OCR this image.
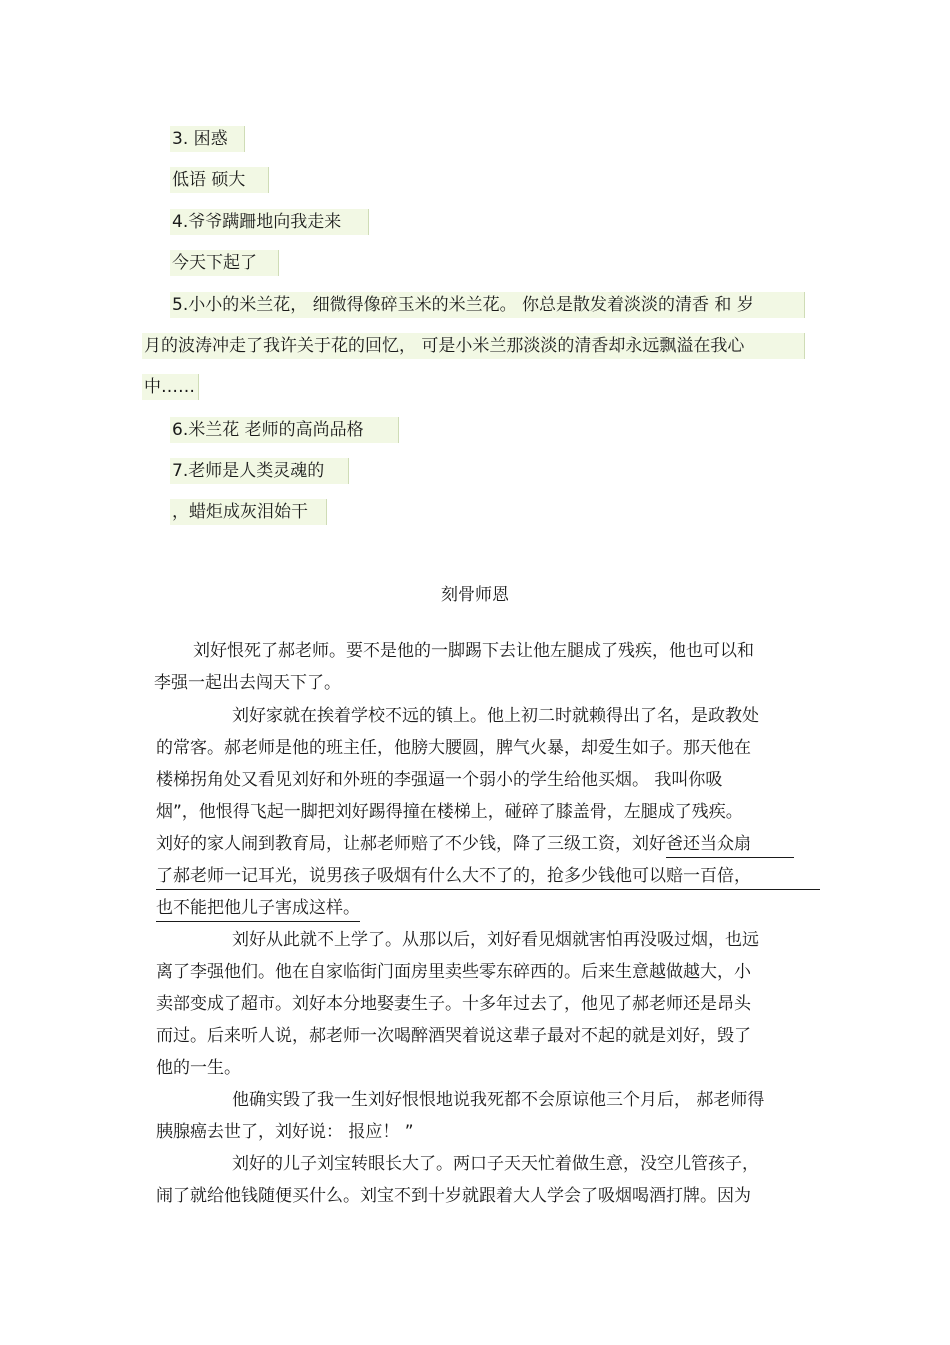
3. 困惑
低语 硕大
4.爷爷蹒跚地向我走来
今天下起了
5.小小的米兰花， 细微得像碎玉米的米兰花。 你总是散发着淡淡的清香 和 岁
月的波涛冲走了我许关于花的回忆， 可是小米兰那淡淡的清香却永远飘溢在我心
中……
6.米兰花 老师的高尚品格
7.老师是人类灵魂的
，蜡炬成灰泪始干
刻骨师恩
刘好恨死了郝老师。要不是他的一脚踢下去让他左腿成了残疾，他也可以和
李强一起出去闯天下了。
刘好家就在挨着学校不远的镇上。他上初二时就赖得出了名，是政教处
的常客。郝老师是他的班主任，他膀大腰圆，脾气火暴，却爱生如子。那天他在
楼梯拐角处又看见刘好和外班的李强逼一个弱小的学生给他买烟。 我叫你吸
烟”，他恨得飞起一脚把刘好踢得撞在楼梯上，碰碎了膝盖骨，左腿成了残疾。
刘好的家人闹到教育局，让郝老师赔了不少钱，降了三级工资，刘好爸还当众扇
了郝老师一记耳光，说男孩子吸烟有什么大不了的，抢多少钱他可以赔一百倍，
也不能把他儿子害成这样。
刘好从此就不上学了。从那以后，刘好看见烟就害怕再没吸过烟，也远
离了李强他们。他在自家临街门面房里卖些零东碎西的。后来生意越做越大，小
卖部变成了超市。刘好本分地娶妻生子。十多年过去了，他见了郝老师还是昂头
而过。后来听人说，郝老师一次喝醉酒哭着说这辈子最对不起的就是刘好，毁了
他的一生。
他确实毁了我一生刘好恨恨地说我死都不会原谅他三个月后， 郝老师得
胰腺癌去世了，刘好说： 报应！ ”
刘好的儿子刘宝转眼长大了。两口子天天忙着做生意，没空儿管孩子，
闹了就给他钱随便买什么。刘宝不到十岁就跟着大人学会了吸烟喝酒打牌。因为
